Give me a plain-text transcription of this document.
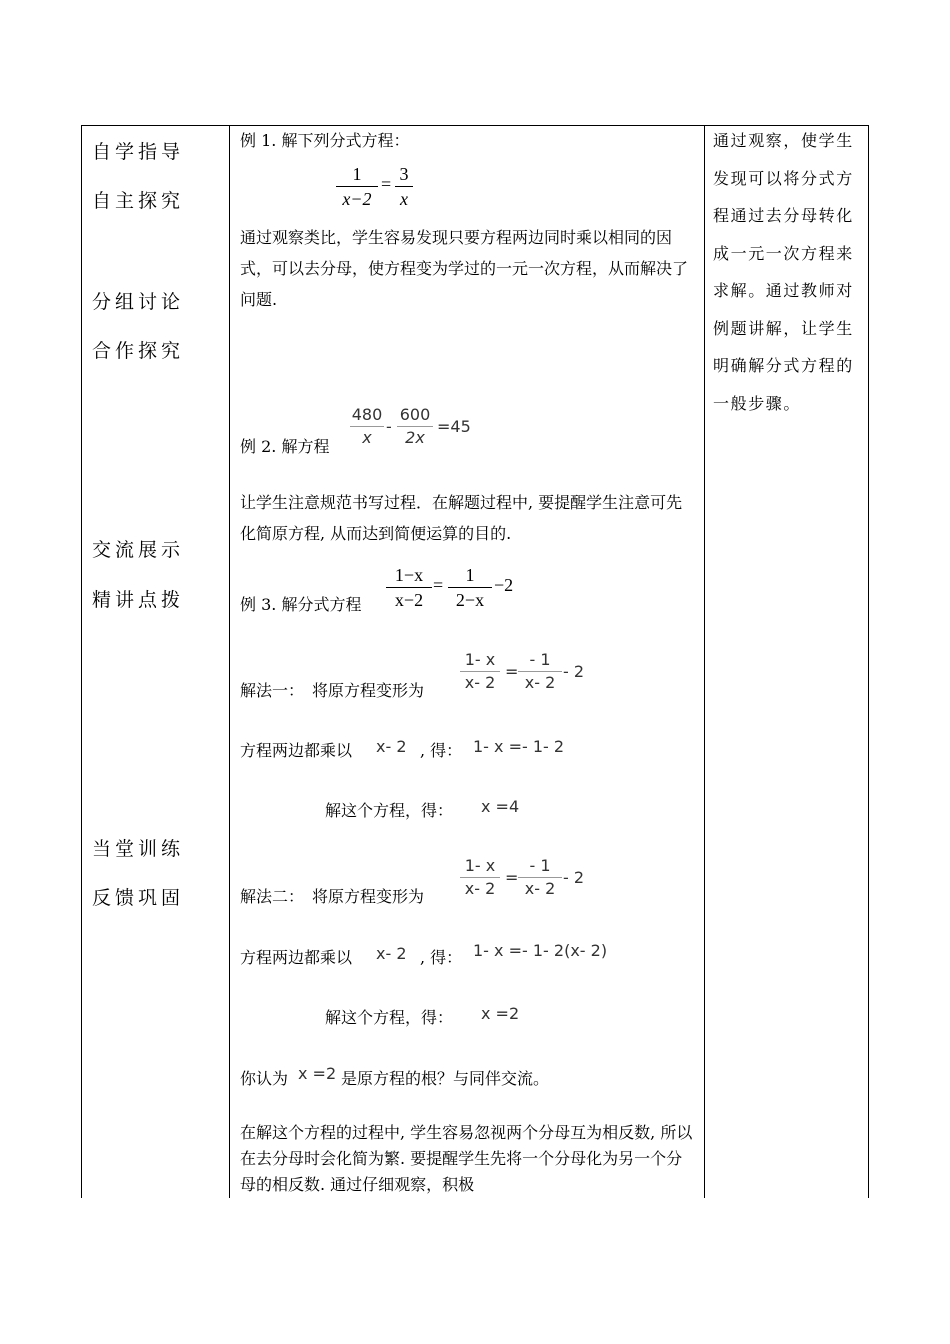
自学指导
自主探究
分组讨论
合作探究
交流展示
精讲点拨
当堂训练
反馈巩固
例 1. 解下列分式方程：
1
x−2
= 3
x
通过观察类比，学生容易发现只要方程两边同时乘以相同的因式，可以去分母，使方程变为学过的一元一次方程，从而解决了问题.
例 2. 解方程
480
x
-
600
2x
=45
让学生注意规范书写过程．在解题过程中, 要提醒学生注意可先化简原方程, 从而达到简便运算的目的.
例 3. 解分式方程
1−x
x−2
=	1
2−x
−2
解法一：　将原方程变形为
1- x
x- 2
=
- 1
x- 2
- 2
方程两边都乘以 x- 2 , 得： 1- x =- 1- 2
解这个方程，得： x =4
解法二：　将原方程变形为
1- x
x- 2
=
- 1
x- 2
- 2
方程两边都乘以 x- 2 , 得： 1- x =- 1- 2(x- 2)
解这个方程，得： x =2
你认为 x =2 是原方程的根？与同伴交流。
在解这个方程的过程中, 学生容易忽视两个分母互为相反数, 所以在去分母时会化简为繁. 要提醒学生先将一个分母化为另一个分母的相反数. 通过仔细观察，积极
通过观察，使学生发现可以将分式方程通过去分母转化成一元一次方程来求解。通过教师对例题讲解，让学生明确解分式方程的一般步骤。
